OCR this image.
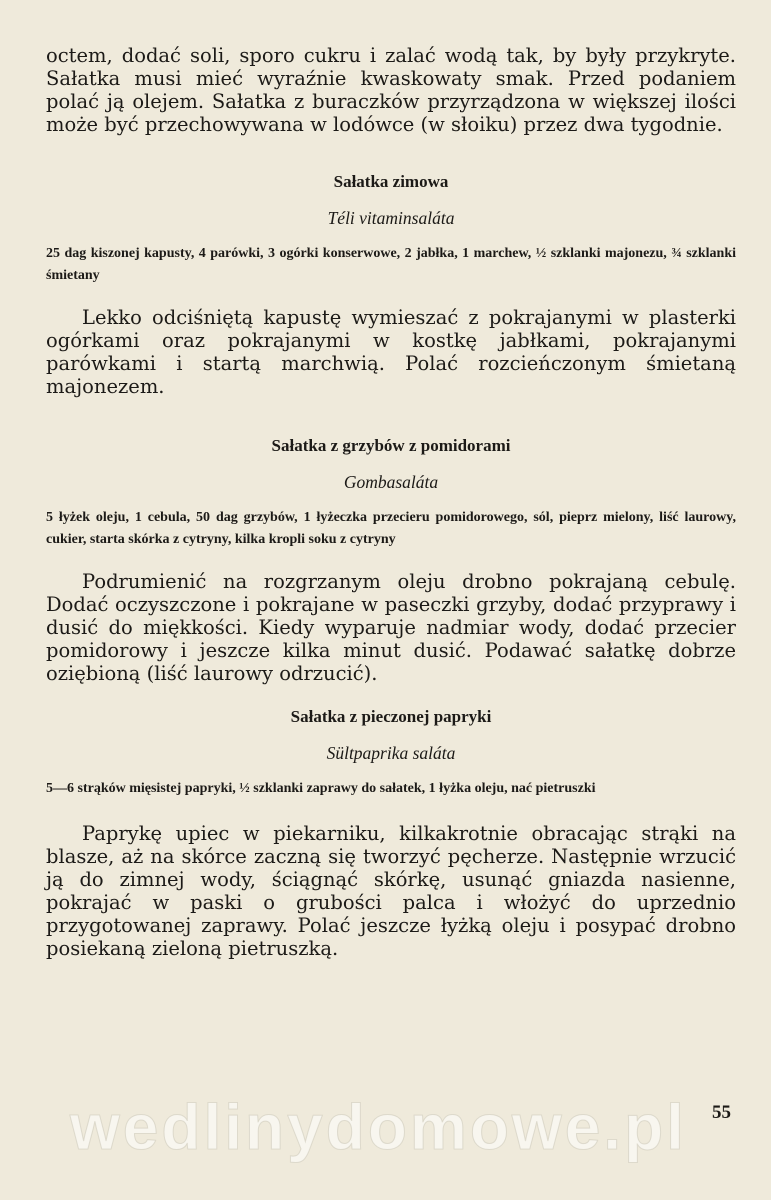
octem, dodać soli, sporo cukru i zalać wodą tak, by były przykryte. Sałatka musi mieć wyraźnie kwaskowaty smak. Przed podaniem polać ją olejem. Sałatka z buraczków przyrządzona w większej ilości może być przechowywana w lodówce (w słoiku) przez dwa tygodnie.

Sałatka zimowa

Téli vitaminsaláta

25 dag kiszonej kapusty, 4 parówki, 3 ogórki konserwowe, 2 jabłka, 1 marchew, ½ szklanki majonezu, ¾ szklanki śmietany

Lekko odciśniętą kapustę wymieszać z pokrajanymi w plasterki ogórkami oraz pokrajanymi w kostkę jabłkami, pokrajanymi parówkami i startą marchwią. Polać rozcieńczonym śmietaną majonezem.

Sałatka z grzybów z pomidorami

Gombasaláta

5 łyżek oleju, 1 cebula, 50 dag grzybów, 1 łyżeczka przecieru pomidorowego, sól, pieprz mielony, liść laurowy, cukier, starta skórka z cytryny, kilka kropli soku z cytryny

Podrumienić na rozgrzanym oleju drobno pokrajaną cebulę. Dodać oczyszczone i pokrajane w paseczki grzyby, dodać przyprawy i dusić do miękkości. Kiedy wyparuje nadmiar wody, dodać przecier pomidorowy i jeszcze kilka minut dusić. Podawać sałatkę dobrze oziębioną (liść laurowy odrzucić).

Sałatka z pieczonej papryki

Sültpaprika saláta

5—6 strąków mięsistej papryki, ½ szklanki zaprawy do sałatek, 1 łyżka oleju, nać pietruszki

Paprykę upiec w piekarniku, kilkakrotnie obracając strąki na blasze, aż na skórce zaczną się tworzyć pęcherze. Następnie wrzucić ją do zimnej wody, ściągnąć skórkę, usunąć gniazda nasienne, pokrajać w paski o grubości palca i włożyć do uprzednio przygotowanej zaprawy. Polać jeszcze łyżką oleju i posypać drobno posiekaną zieloną pietruszką.

wedlinydomowe.pl 55
